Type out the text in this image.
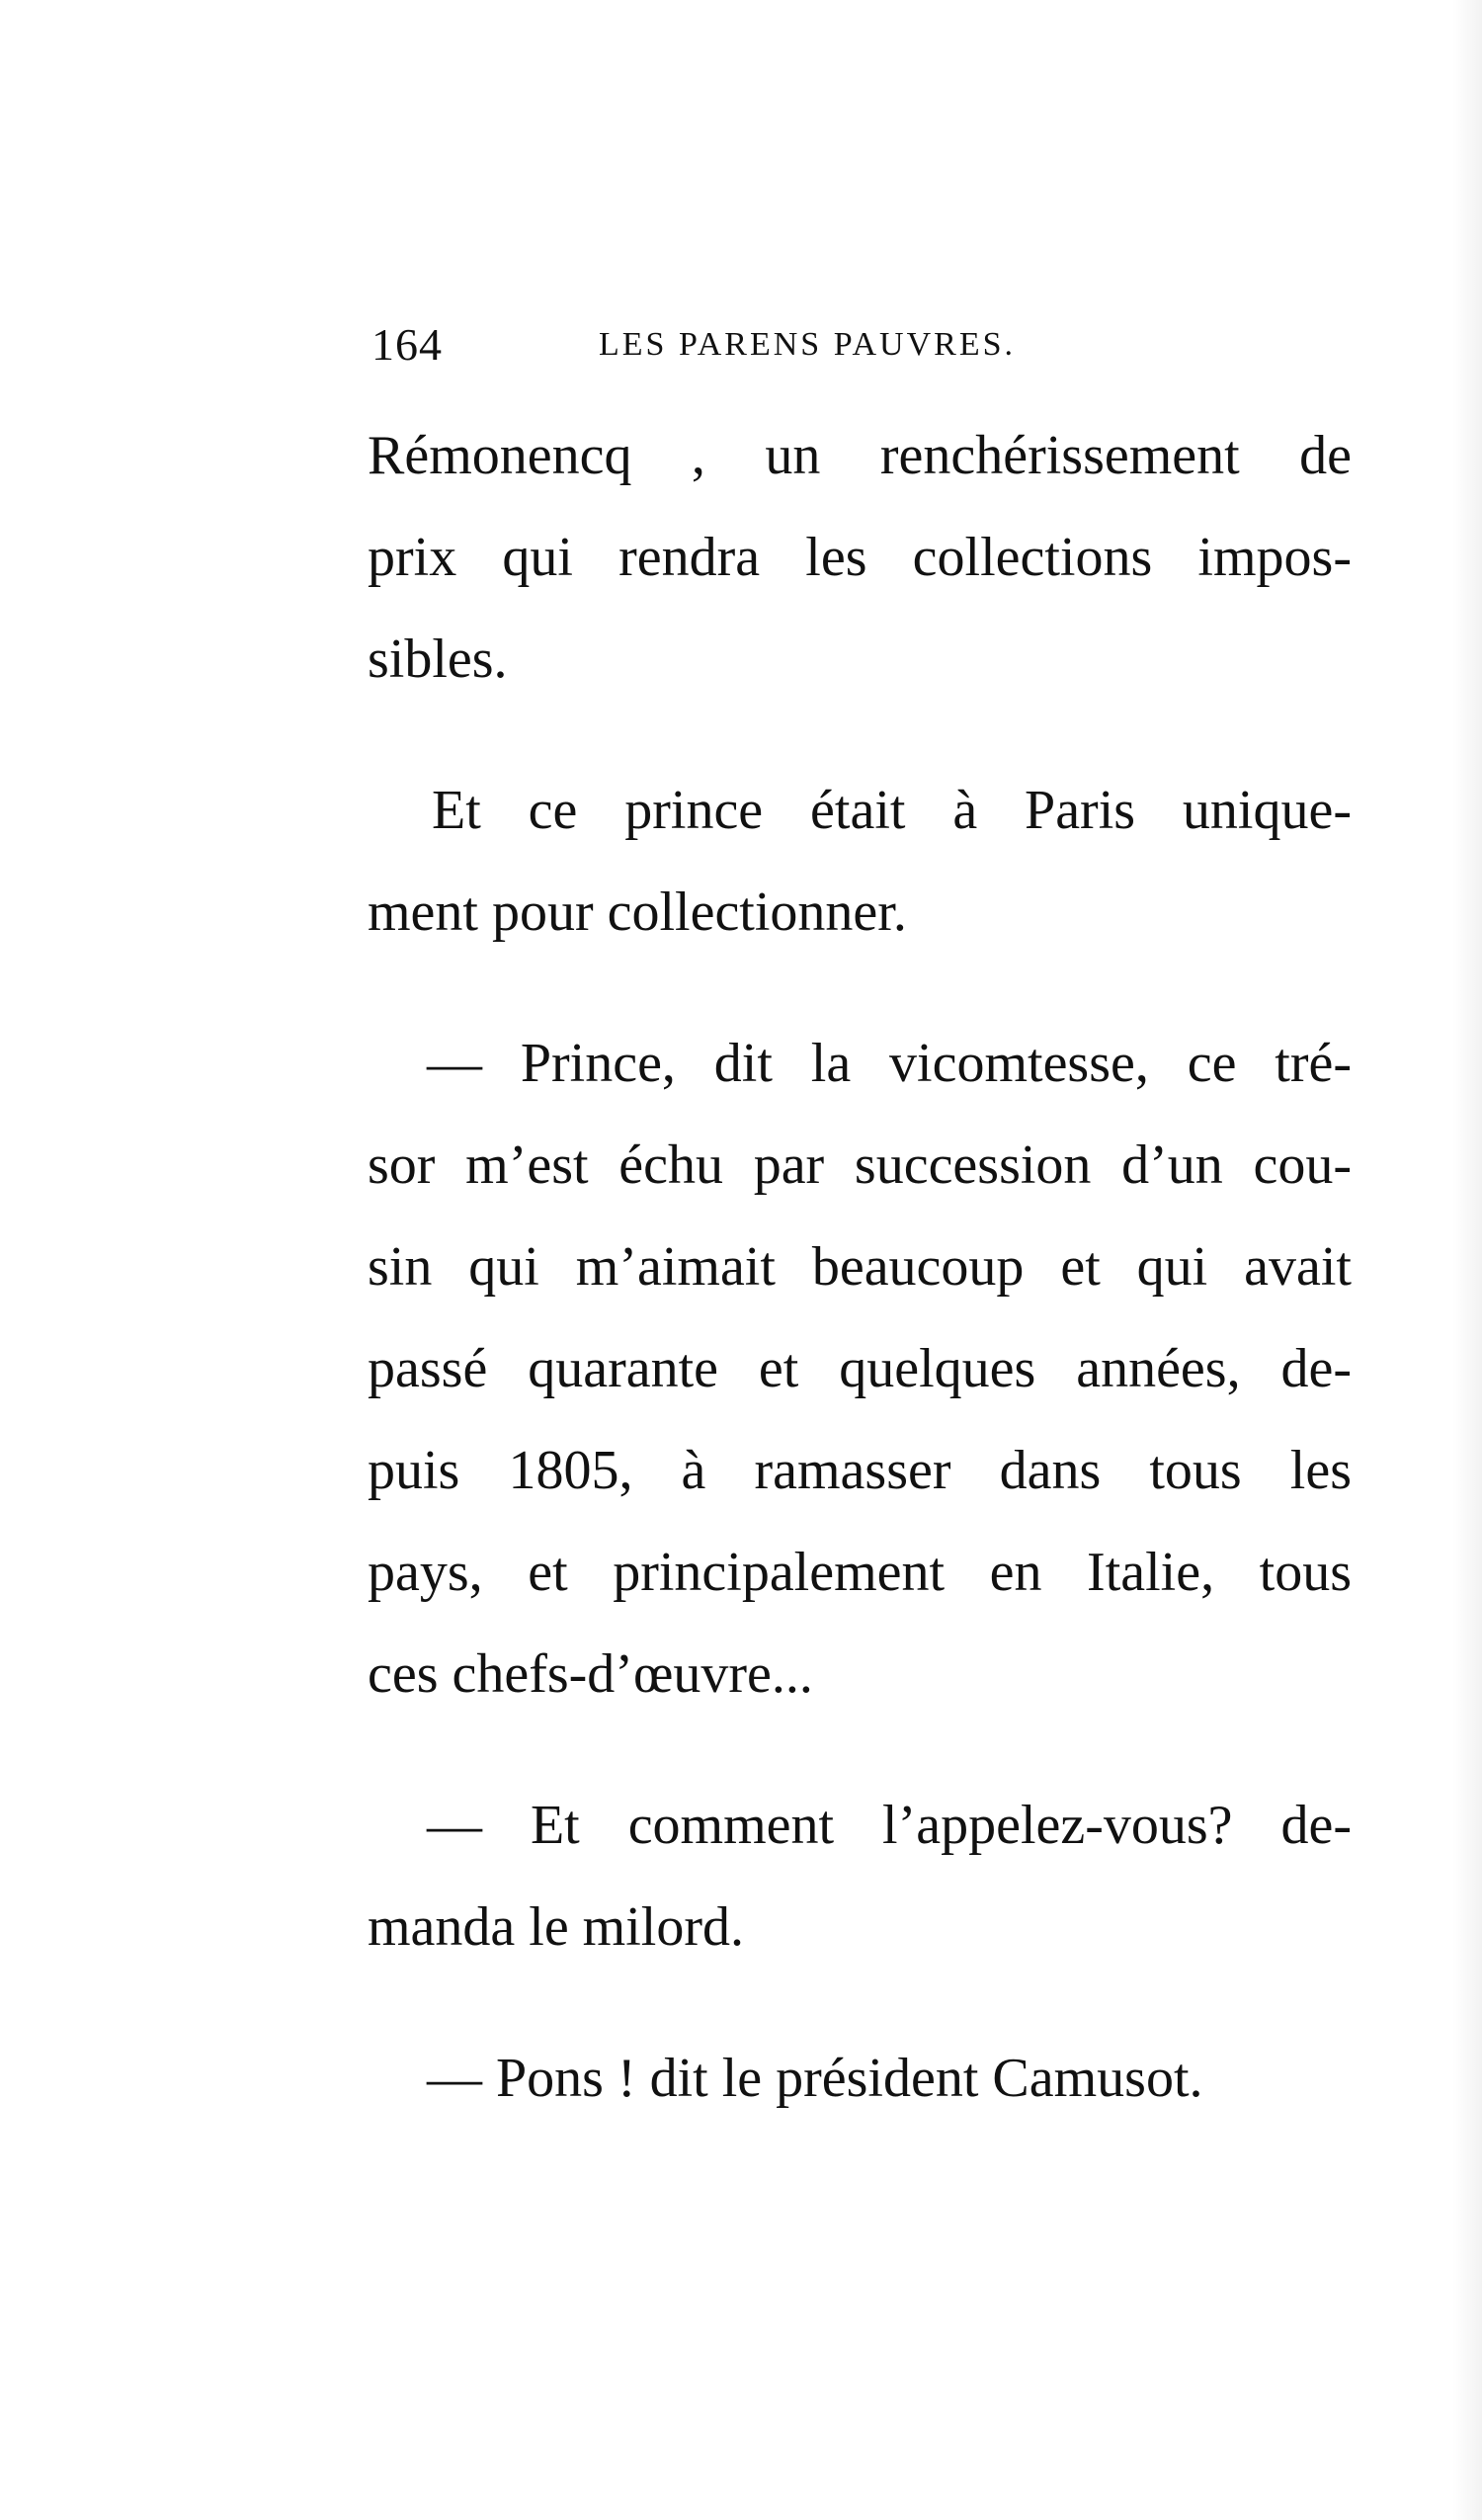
164	LES PARENS PAUVRES.
Rémonencq , un renchérissement de
prix qui rendra les collections impos-
sibles.
Et ce prince était à Paris unique-
ment pour collectionner.
— Prince, dit la vicomtesse, ce tré-
sor m’est échu par succession d’un cou-
sin qui m’aimait beaucoup et qui avait
passé quarante et quelques années, de-
puis 1805, à ramasser dans tous les
pays, et principalement en Italie, tous
ces chefs-d’œuvre...
— Et comment l’appelez-vous? de-
manda le milord.
— Pons ! dit le président Camusot.
